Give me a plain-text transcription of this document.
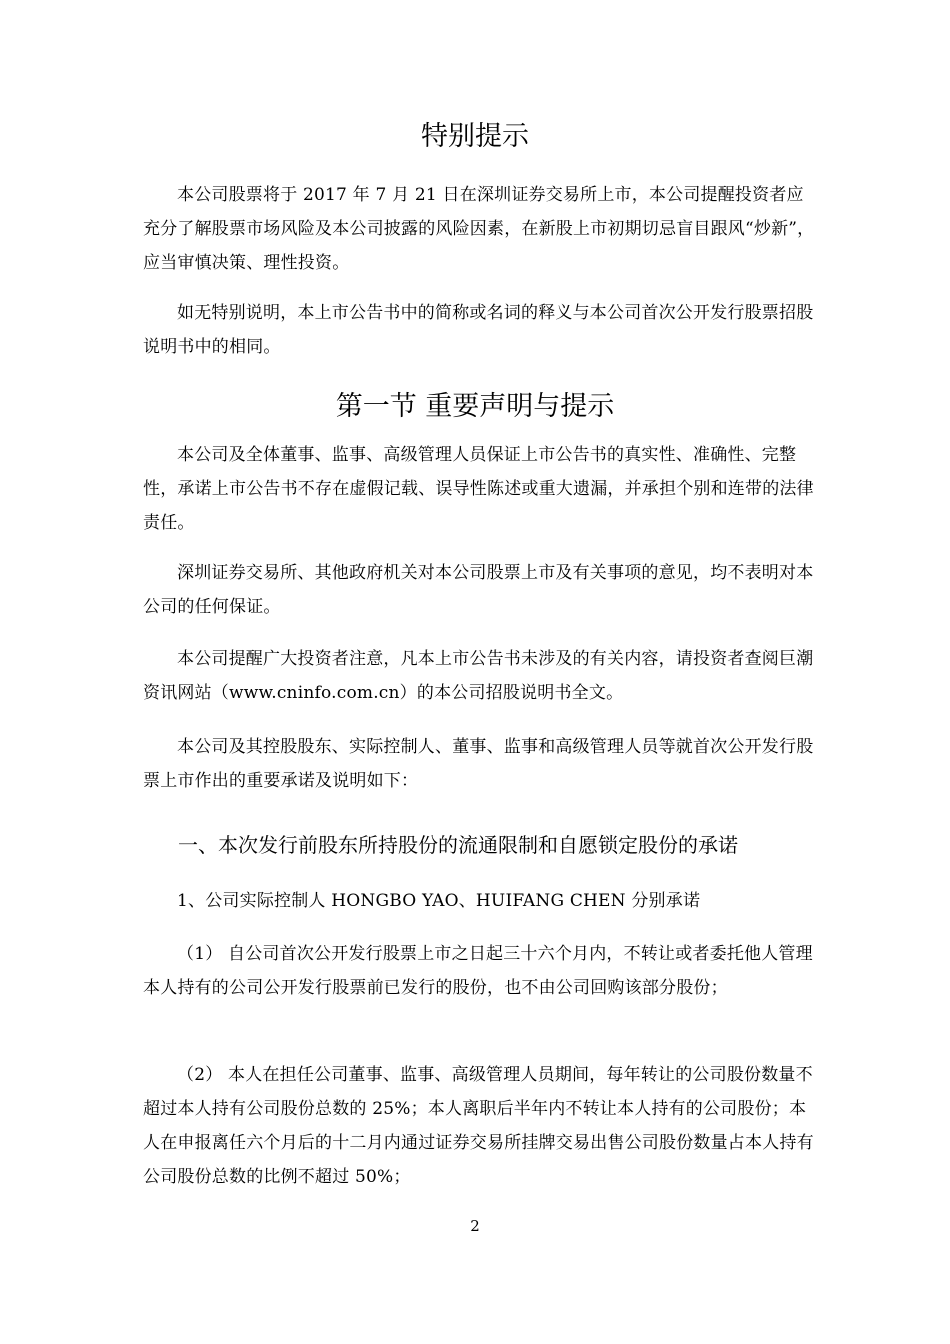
特别提示
本公司股票将于 2017 年 7 月 21 日在深圳证券交易所上市，本公司提醒投资者应充分了解股票市场风险及本公司披露的风险因素，在新股上市初期切忌盲目跟风“炒新”，应当审慎决策、理性投资。
如无特别说明，本上市公告书中的简称或名词的释义与本公司首次公开发行股票招股说明书中的相同。
第一节 重要声明与提示
本公司及全体董事、监事、高级管理人员保证上市公告书的真实性、准确性、完整性，承诺上市公告书不存在虚假记载、误导性陈述或重大遗漏，并承担个别和连带的法律责任。
深圳证券交易所、其他政府机关对本公司股票上市及有关事项的意见，均不表明对本公司的任何保证。
本公司提醒广大投资者注意，凡本上市公告书未涉及的有关内容，请投资者查阅巨潮资讯网站（www.cninfo.com.cn）的本公司招股说明书全文。
本公司及其控股股东、实际控制人、董事、监事和高级管理人员等就首次公开发行股票上市作出的重要承诺及说明如下：
一、本次发行前股东所持股份的流通限制和自愿锁定股份的承诺
1、公司实际控制人 HONGBO YAO、HUIFANG CHEN 分别承诺
（1） 自公司首次公开发行股票上市之日起三十六个月内，不转让或者委托他人管理本人持有的公司公开发行股票前已发行的股份，也不由公司回购该部分股份；
（2） 本人在担任公司董事、监事、高级管理人员期间，每年转让的公司股份数量不超过本人持有公司股份总数的 25%；本人离职后半年内不转让本人持有的公司股份；本人在申报离任六个月后的十二月内通过证券交易所挂牌交易出售公司股份数量占本人持有公司股份总数的比例不超过 50%；
2
